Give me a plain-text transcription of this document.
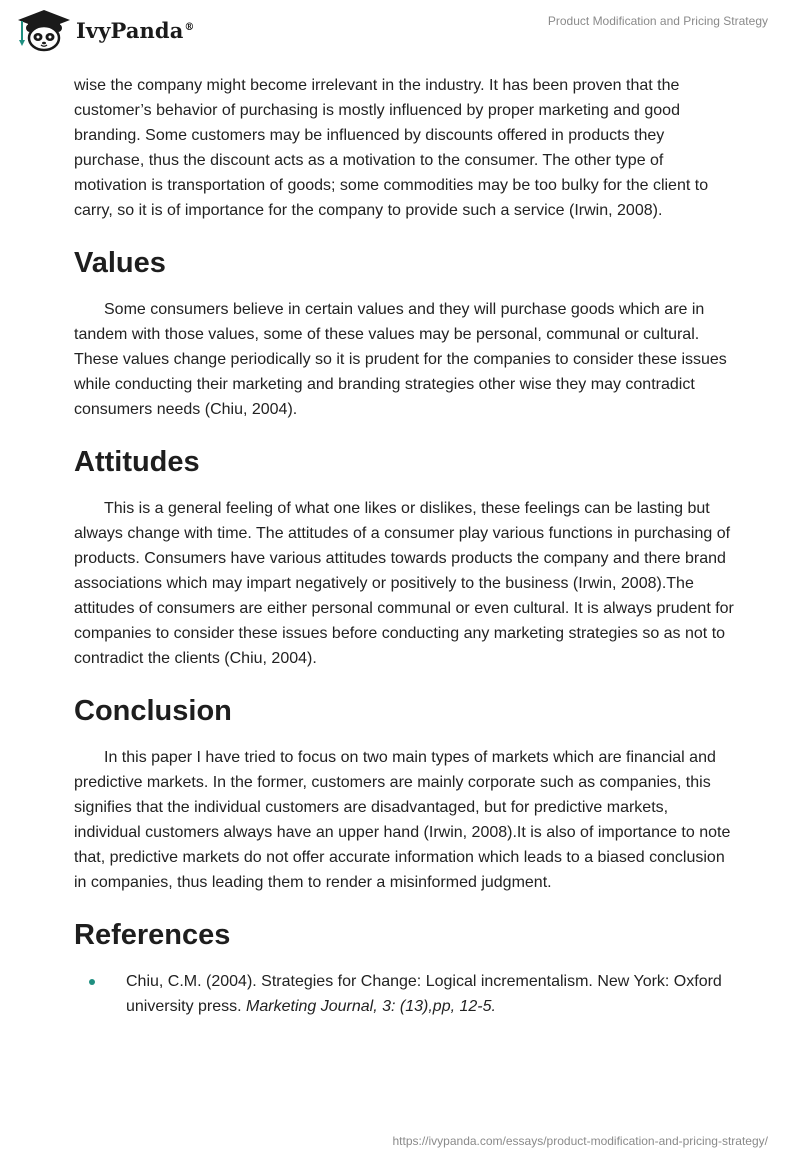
IvyPanda®	Product Modification and Pricing Strategy

wise the company might become irrelevant in the industry. It has been proven that the customer’s behavior of purchasing is mostly influenced by proper marketing and good branding. Some customers may be influenced by discounts offered in products they purchase, thus the discount acts as a motivation to the consumer. The other type of motivation is transportation of goods; some commodities may be too bulky for the client to carry, so it is of importance for the company to provide such a service (Irwin, 2008).

Values

Some consumers believe in certain values and they will purchase goods which are in tandem with those values, some of these values may be personal, communal or cultural. These values change periodically so it is prudent for the companies to consider these issues while conducting their marketing and branding strategies other wise they may contradict consumers needs (Chiu, 2004).

Attitudes

This is a general feeling of what one likes or dislikes, these feelings can be lasting but always change with time. The attitudes of a consumer play various functions in purchasing of products. Consumers have various attitudes towards products the company and there brand associations which may impart negatively or positively to the business (Irwin, 2008).The attitudes of consumers are either personal communal or even cultural. It is always prudent for companies to consider these issues before conducting any marketing strategies so as not to contradict the clients (Chiu, 2004).

Conclusion

In this paper I have tried to focus on two main types of markets which are financial and predictive markets. In the former, customers are mainly corporate such as companies, this signifies that the individual customers are disadvantaged, but for predictive markets, individual customers always have an upper hand (Irwin, 2008).It is also of importance to note that, predictive markets do not offer accurate information which leads to a biased conclusion in companies, thus leading them to render a misinformed judgment.

References
Chiu, C.M. (2004). Strategies for Change: Logical incrementalism. New York: Oxford university press. Marketing Journal, 3: (13),pp, 12-5.
https://ivypanda.com/essays/product-modification-and-pricing-strategy/
